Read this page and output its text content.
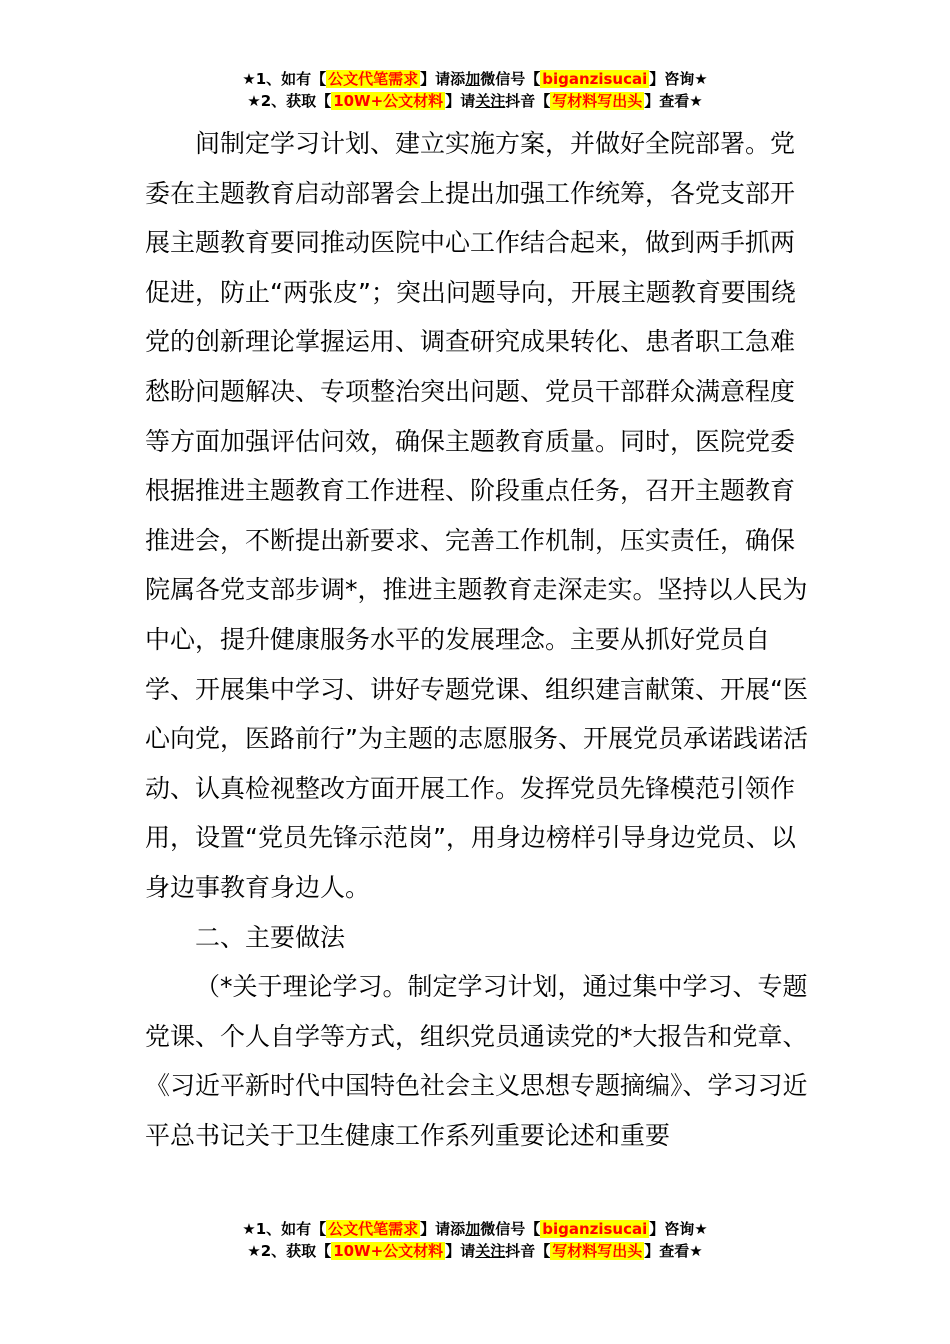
★1、如有【 公文代笔需求 】请添加微信号【 biganzisucai 】咨询★
★2、获取【 10W+公文材料 】请关注抖音【 写材料写出头 】查看★

间制定学习计划、建立实施方案，并做好全院部署。党委在主题教育启动部署会上提出加强工作统筹，各党支部开展主题教育要同推动医院中心工作结合起来，做到两手抓两促进，防止“两张皮”；突出问题导向，开展主题教育要围绕党的创新理论掌握运用、调查研究成果转化、患者职工急难愁盼问题解决、专项整治突出问题、党员干部群众满意程度等方面加强评估问效，确保主题教育质量。同时，医院党委根据推进主题教育工作进程、阶段重点任务，召开主题教育推进会，不断提出新要求、完善工作机制，压实责任，确保院属各党支部步调*，推进主题教育走深走实。坚持以人民为中心，提升健康服务水平的发展理念。主要从抓好党员自学、开展集中学习、讲好专题党课、组织建言献策、开展“医心向党，医路前行”为主题的志愿服务、开展党员承诺践诺活动、认真检视整改方面开展工作。发挥党员先锋模范引领作用，设置“党员先锋示范岗”，用身边榜样引导身边党员、以身边事教育身边人。

二、主要做法

（*关于理论学习。制定学习计划，通过集中学习、专题党课、个人自学等方式，组织党员通读党的*大报告和党章、《习近平新时代中国特色社会主义思想专题摘编》、学习习近平总书记关于卫生健康工作系列重要论述和重要

★1、如有【 公文代笔需求 】请添加微信号【 biganzisucai 】咨询★
★2、获取【 10W+公文材料 】请关注抖音【 写材料写出头 】查看★
